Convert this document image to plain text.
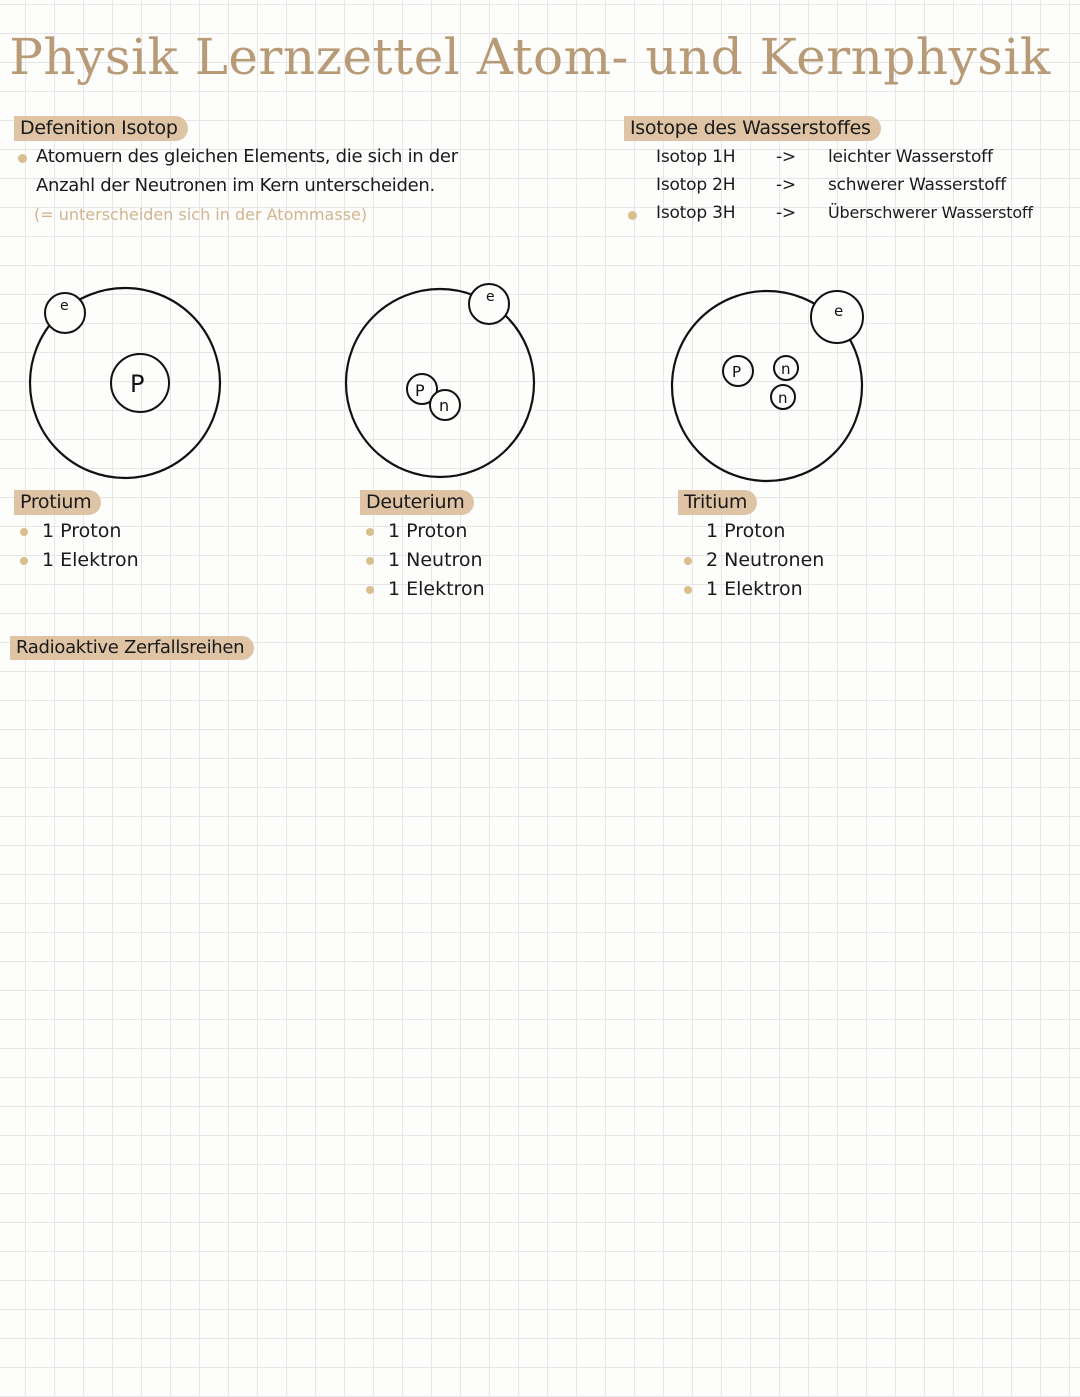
Physik Lernzettel Atom- und Kernphysik
Defenition Isotop
Atomuern des gleichen Elements, die sich in der
Anzahl der Neutronen im Kern unterscheiden.
(= unterscheiden sich in der Atommasse)
Isotope des Wasserstoffes
Isotop 1H -> leichter Wasserstoff
Isotop 2H -> schwerer Wasserstoff
Isotop 3H -> Überschwerer Wasserstoff
e
P
e
P
n
e
P	n
n
Protium
1 Proton
1 Elektron
Deuterium
1 Proton
1 Neutron
1 Elektron
Tritium
1 Proton
2 Neutronen
1 Elektron
Radioaktive Zerfallsreihen
